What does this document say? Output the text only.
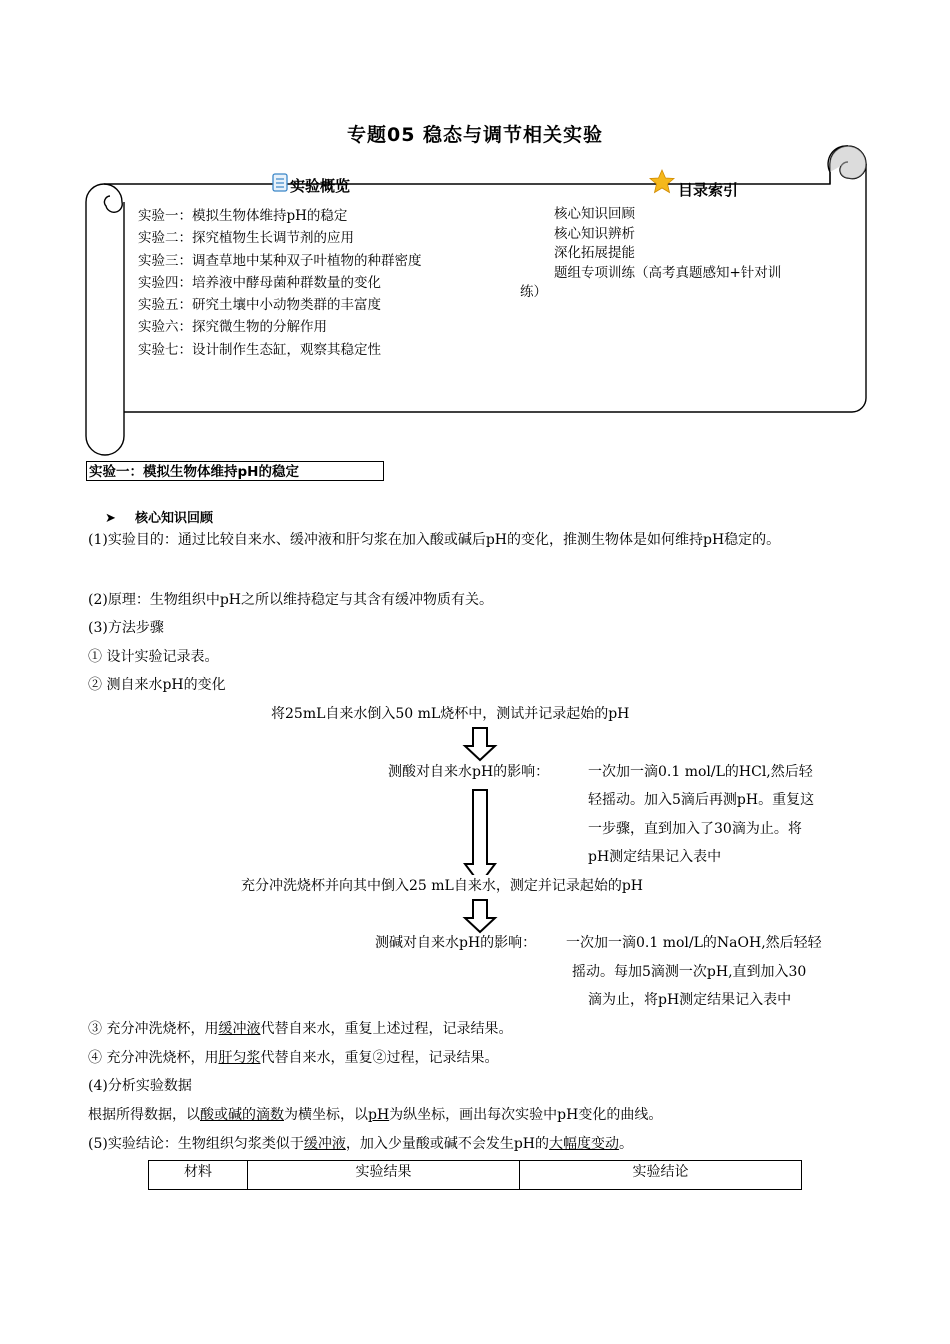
专题05 稳态与调节相关实验
实验概览	目录索引
实验一：模拟生物体维持pH的稳定
实验二：探究植物生长调节剂的应用
实验三：调查草地中某种双子叶植物的种群密度
实验四：培养液中酵母菌种群数量的变化
实验五：研究土壤中小动物类群的丰富度
实验六：探究微生物的分解作用
实验七：设计制作生态缸，观察其稳定性
核心知识回顾
核心知识辨析
深化拓展提能
题组专项训练（高考真题感知+针对训
练）
实验一：模拟生物体维持pH的稳定
➤ 核心知识回顾
(1)实验目的：通过比较自来水、缓冲液和肝匀浆在加入酸或碱后pH的变化，推测生物体是如何维持pH稳定的。
(2)原理：生物组织中pH之所以维持稳定与其含有缓冲物质有关。
(3)方法步骤
① 设计实验记录表。
② 测自来水pH的变化
将25mL自来水倒入50 mL烧杯中，测试并记录起始的pH
测酸对自来水pH的影响：	一次加一滴0.1 mol/L的HCl,然后轻
轻摇动。加入5滴后再测pH。重复这
一步骤，直到加入了30滴为止。将
pH测定结果记入表中
充分冲洗烧杯并向其中倒入25 mL自来水，测定并记录起始的pH
测碱对自来水pH的影响： 一次加一滴0.1 mol/L的NaOH,然后轻轻
摇动。每加5滴测一次pH,直到加入30
滴为止，将pH测定结果记入表中
③ 充分冲洗烧杯，用缓冲液代替自来水，重复上述过程，记录结果。
④ 充分冲洗烧杯，用肝匀浆代替自来水，重复②过程，记录结果。
(4)分析实验数据
根据所得数据，以酸或碱的滴数为横坐标，以pH为纵坐标，画出每次实验中pH变化的曲线。
(5)实验结论：生物组织匀浆类似于缓冲液，加入少量酸或碱不会发生pH的大幅度变动。
材料	实验结果	实验结论
